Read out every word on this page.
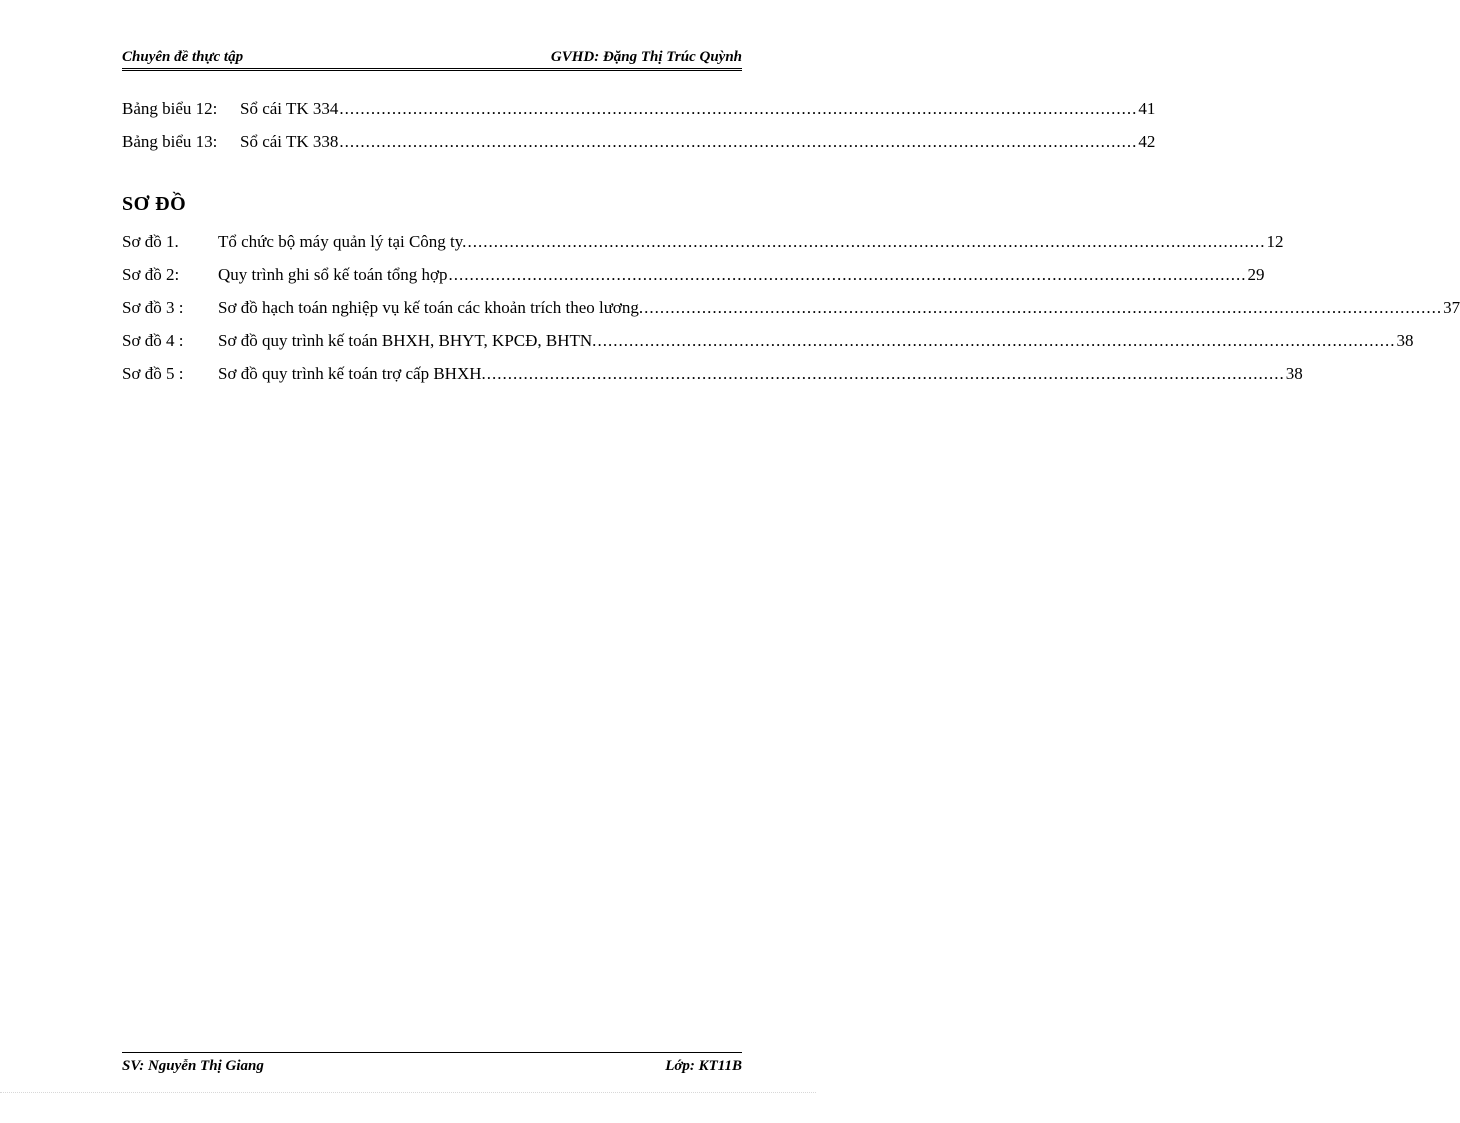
Chuyên đề thực tập	GVHD: Đặng Thị Trúc Quỳnh
Bảng biểu 12:	Sổ cái TK 334 ........................................................................................................................................................ 41
Bảng biểu 13:	Sổ cái TK 338 ........................................................................................................................................................ 42
SƠ ĐỒ
Sơ đồ 1.	Tổ chức bộ máy quản lý tại Công ty. ........................................................................................................................................................ 12
Sơ đồ 2:	Quy trình ghi sổ kế toán tổng hợp ........................................................................................................................................................ 29
Sơ đồ 3 :	Sơ đồ hạch toán nghiệp vụ kế toán các khoản trích theo lương. ........................................................................................................................................................ 37
Sơ đồ 4 :	Sơ đồ quy trình kế toán BHXH, BHYT, KPCĐ, BHTN. ........................................................................................................................................................ 38
Sơ đồ 5 :	Sơ đồ quy trình kế toán trợ cấp BHXH. ........................................................................................................................................................ 38
SV: Nguyễn Thị Giang	Lớp: KT11B
